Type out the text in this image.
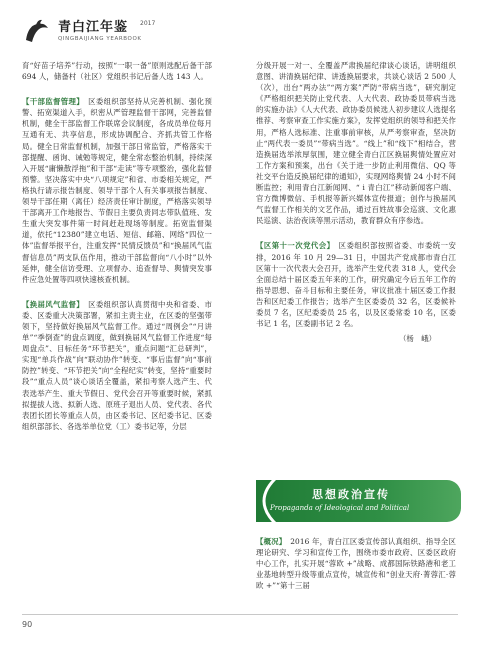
青白江年鉴	2017
QINGBAIJIANG YEARBOOK

育“好苗子培养”行动，按照“一职一备”原则选配后备干部 694 人，储备村（社区）党组织书记后备人选 143 人。

【干部监督管理】　 区委组织部坚持从完善机制、强化预警、拓宽渠道入手，织密从严管理监督干部网，完善监督机制，健全干部监督工作联席会议制度，各成员单位每月互通有无、共享信息，形成协调配合、齐抓共管工作格局。健全日常监督机制，加强干部日常监管，严格落实干部提醒、函询、诫勉等规定，健全常态整治机制，持续深入开展“庸懒散浮拖”和干部“走读”等专项整治，强化监督预警。坚决落实中央“八项规定”和省、市委相关规定，严格执行请示报告制度、领导干部个人有关事项报告制度、领导干部任期（离任）经济责任审计制度，严格落实领导干部离开工作地报告、节假日主要负责同志带队值班、发生重大突发事件第一时间赶赴现场等制度。拓宽监督渠道，依托“12380”建立电话、短信、邮箱、网络“四位一体”监督举报平台，注重发挥“民情反馈员”和“换届风气监督信息员”两支队伍作用，推动干部监督向“八小时”以外延伸，健全信访受理、立项督办、追查督导、舆情突发事件应急处置等四项快速核查机制。

【换届风气监督】　 区委组织部认真贯彻中央和省委、市委、区委重大决策部署，紧扣主责主业，在区委的坚强带领下，坚持做好换届风气监督工作。通过“周例会”“月讲单”“季倒查”的盘点调度，做到换届风气监督工作进度“每周盘点”、目标任务“环节把关”，重点问题“汇总研判”，实现“单兵作战”向“联动协作”转变、“事后监督”向“事前防控”转变、“环节把关”向“全程纪实”转变，坚持“重要时段”“重点人员”谈心谈话全覆盖，紧扣考察人选产生、代表选举产生、重大节假日、党代会召开等重要时候，紧抓拟提拔人选、拟新人选、原班子退出人员、党代表、各代表团长团长等重点人员，由区委书记、区纪委书记、区委组织部部长、各选举单位党（工）委书记等，分层

分级开展一对一、全覆盖严肃换届纪律谈心谈话，讲明组织意图、讲清换届纪律、讲透换届要求，共谈心谈话 2 500 人（次），出台“两办法”“两方案”严防“带病当选”，研究制定《严格组织把关防止党代表、人大代表、政协委员带病当选的实施办法》《人大代表、政协委员候选人初步建议人选提名推荐、考察审查工作实施方案》，发挥党组织的领导和把关作用，严格人选标准、注重事前审核，从严考察审查，坚决防止“两代表一委员”“带病当选”。“线上”和“线下”相结合，营造换届选举浓厚氛围，建立健全青白江区换届舆情处置应对工作方案和预案，出台《关于进一步防止利用微信、QQ 等社交平台造反换届纪律的通知》，实现网络舆情 24 小时不间断监控；利用青白江新闻网、“ i 青白江”移动新闻客户端、官方微博微信、手机报等新兴媒体宣传报道；创作与换届风气监督工作相关的文艺作品，通过百姓故事会巡演、文化惠民巡演、法治夜读等黑示活动，教育群众有序参选。

【区第十一次党代会】　 区委组织部按照省委、市委统一安排，2016 年 10 月 29—31 日，中国共产党成都市青白江区第十一次代表大会召开，选举产生党代表 318 人，党代会全面总结十届区委五年来的工作，研究确定今后五年工作的指导思想、奋斗目标和主要任务，审议批准十届区委工作报告和区纪委工作报告；选举产生区委委员 32 名，区委候补委员 7 名，区纪委委员 25 名，以及区委常委 10 名，区委书记 1 名，区委副书记 2 名。

（杨　峨）
思想政治宣传
Propaganda of Ideological and Political

【概况】　 2016 年，青白江区委宣传部认真组织、指导全区理论研究、学习和宣传工作，围绕市委市政府、区委区政府中心工作，扎实开展“蓉欧 +”战略、成都国际铁路港和老工业基地转型升级等重点宣传，城宣传和“创业天府·菁蓉汇·蓉欧 +”“第十三届

90
